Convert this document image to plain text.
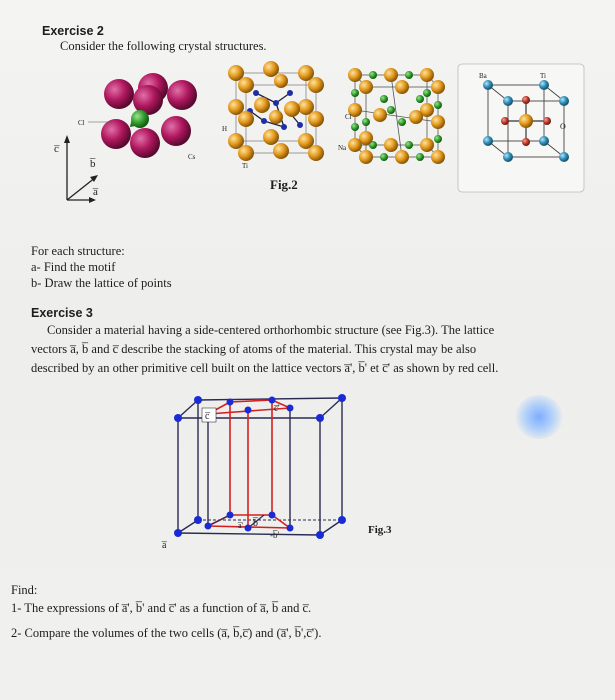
Exercise 2
Consider the following crystal structures.
Cl
Cs
c̅
b̅
a̅
H
Ti
Cl
Na
Ba	Ti
O
Fig.2
For each structure:
a- Find the motif
b- Draw the lattice of points
Exercise 3
Consider a material having a side-centered orthorhombic structure (see Fig.3). The lattice
vectors a̅, b̅ and c̅ describe the stacking of atoms of the material. This crystal may be also
described by an other primitive cell built on the lattice vectors a̅', b̅' et c̅' as shown by red cell.
c̅
c̅'
a̅
a̅' b̅
-b̅'	Fig.3
Find:
1- The expressions of a̅', b̅' and c̅' as a function of a̅, b̅ and c̅.
2- Compare the volumes of the two cells (a̅, b̅,c̅) and (a̅', b̅',c̅').
